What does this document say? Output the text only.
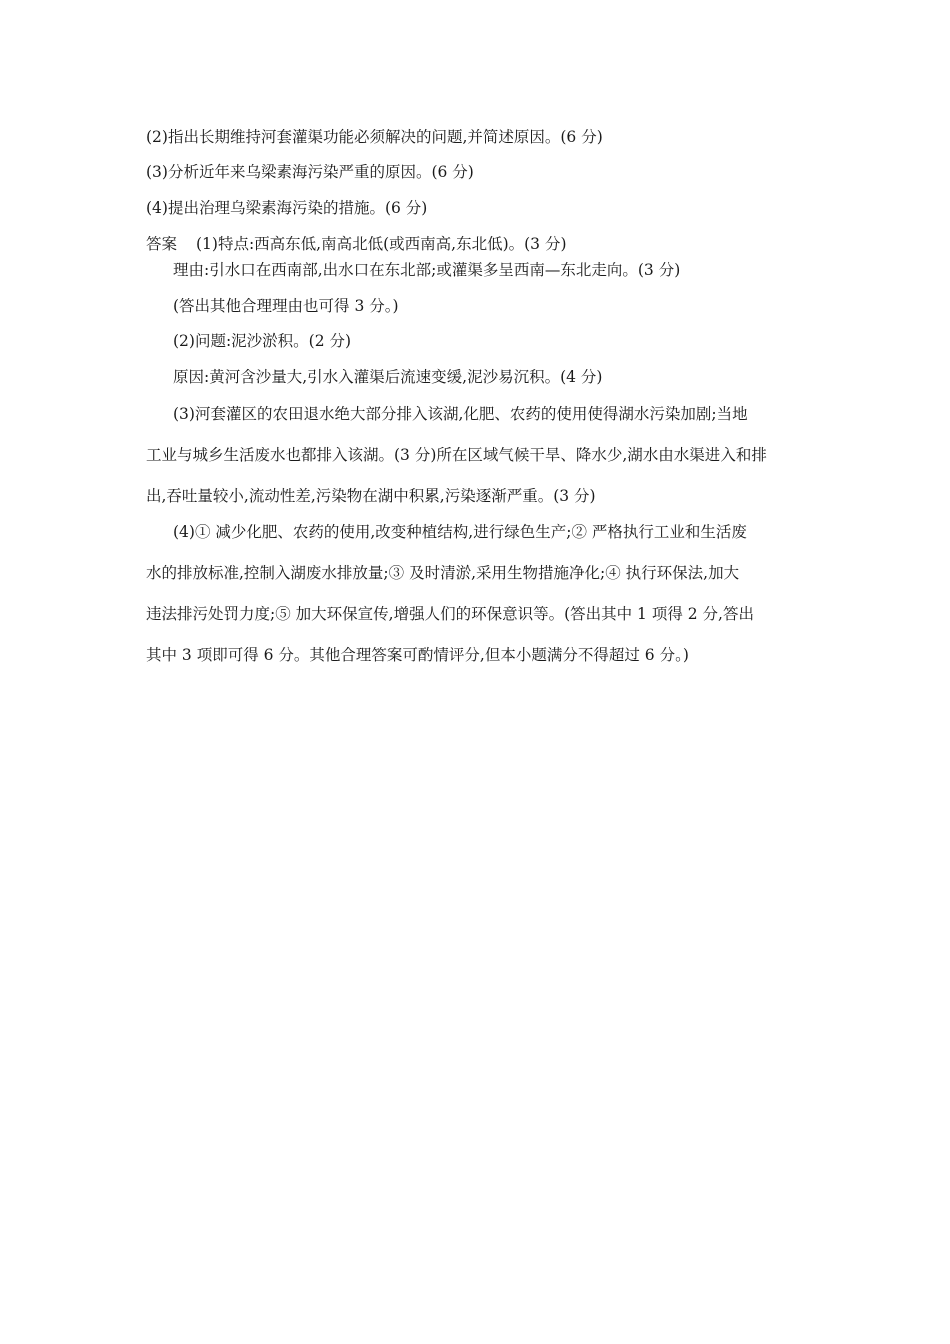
(2)指出长期维持河套灌渠功能必须解决的问题,并简述原因。(6 分)
(3)分析近年来乌梁素海污染严重的原因。(6 分)
(4)提出治理乌梁素海污染的措施。(6 分)
答案 (1)特点:西高东低,南高北低(或西南高,东北低)。(3 分)
理由:引水口在西南部,出水口在东北部;或灌渠多呈西南—东北走向。(3 分)
(答出其他合理理由也可得 3 分。)
(2)问题:泥沙淤积。(2 分)
原因:黄河含沙量大,引水入灌渠后流速变缓,泥沙易沉积。(4 分)
(3)河套灌区的农田退水绝大部分排入该湖,化肥、农药的使用使得湖水污染加剧;当地
工业与城乡生活废水也都排入该湖。(3 分)所在区域气候干旱、降水少,湖水由水渠进入和排
出,吞吐量较小,流动性差,污染物在湖中积累,污染逐渐严重。(3 分)
(4)① 减少化肥、农药的使用,改变种植结构,进行绿色生产;② 严格执行工业和生活废
水的排放标准,控制入湖废水排放量;③ 及时清淤,采用生物措施净化;④ 执行环保法,加大
违法排污处罚力度;⑤ 加大环保宣传,增强人们的环保意识等。(答出其中 1 项得 2 分,答出
其中 3 项即可得 6 分。其他合理答案可酌情评分,但本小题满分不得超过 6 分。)
